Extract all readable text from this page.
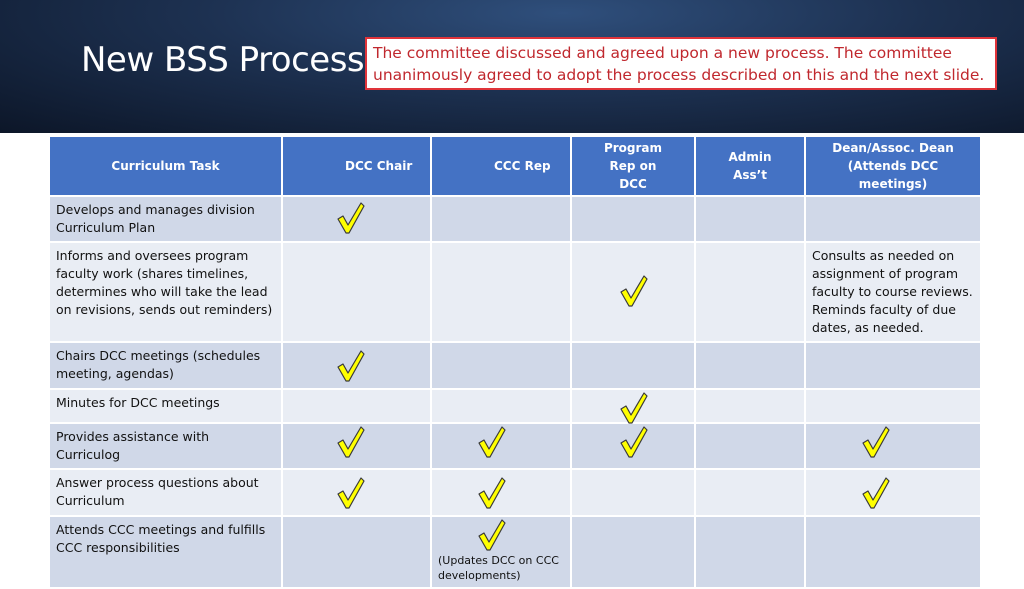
New BSS Process The committee discussed and agreed upon a new process. The committee unanimously agreed to adopt the process described on this and the next slide.
Curriculum Task	DCC Chair	CCC Rep	Program Rep on DCC	Admin Ass’t	Dean/Assoc. Dean (Attends DCC meetings)
Develops and manages division Curriculum Plan	

Informs and oversees program faculty work (shares timelines, determines who will take the lead on revisions, sends out reminders)					Consults as needed on assignment of program faculty to course reviews. Reminds faculty of due dates, as needed.
Chairs DCC meetings (schedules meeting, agendas)	

Minutes for DCC meetings			

Provides assistance with Curriculog	

Answer process questions about Curriculum	

Attends CCC meetings and fulfills CCC responsibilities		(Updates DCC on CCC developments)			
